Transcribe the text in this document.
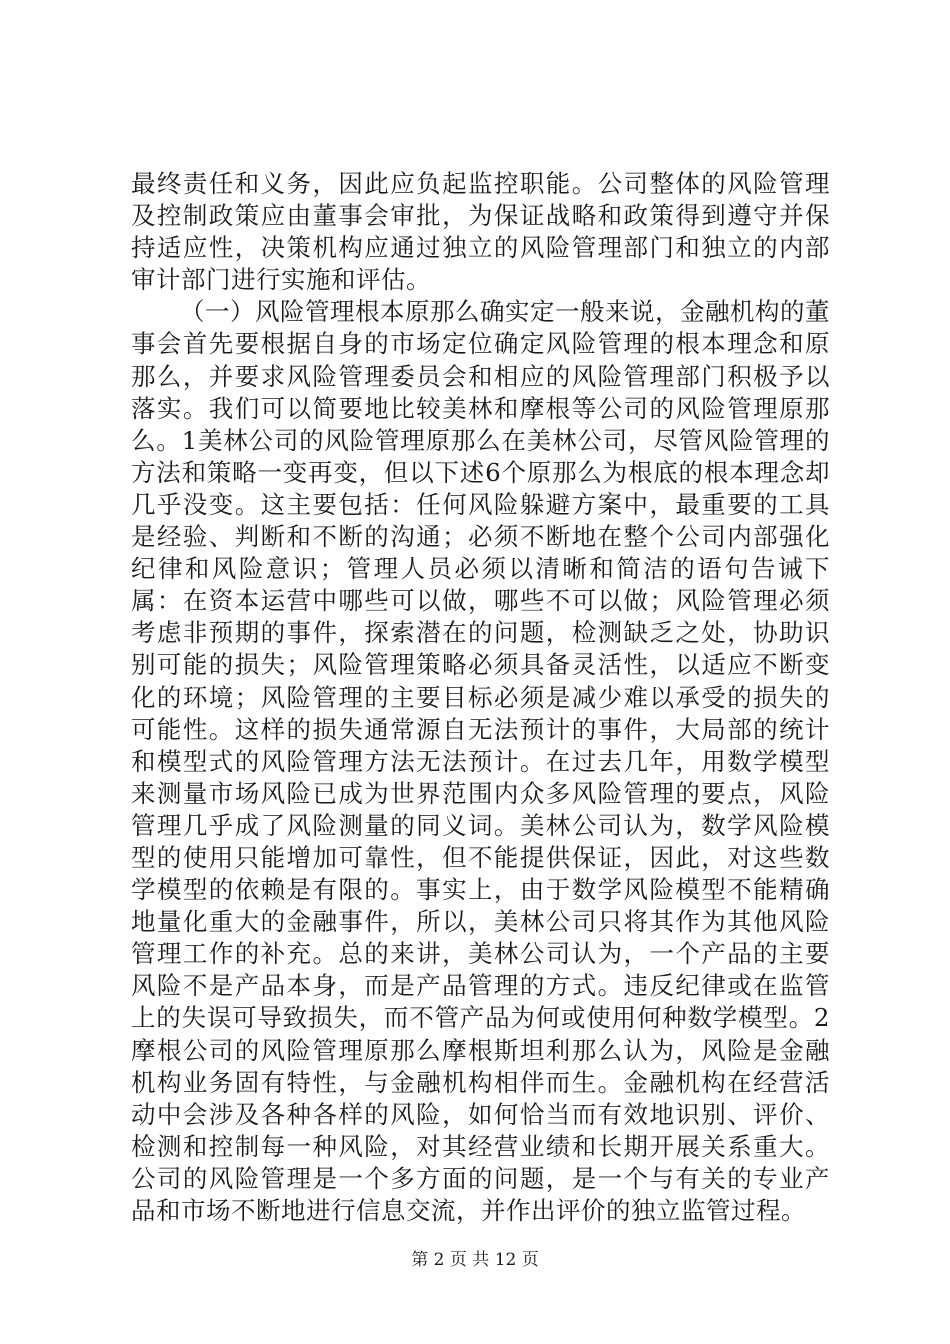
最终责任和义务，因此应负起监控职能。公司整体的风险管理及控制政策应由董事会审批，为保证战略和政策得到遵守并保持适应性，决策机构应通过独立的风险管理部门和独立的内部审计部门进行实施和评估。

（一）风险管理根本原那么确实定一般来说，金融机构的董事会首先要根据自身的市场定位确定风险管理的根本理念和原那么，并要求风险管理委员会和相应的风险管理部门积极予以落实。我们可以简要地比较美林和摩根等公司的风险管理原那么。1美林公司的风险管理原那么在美林公司，尽管风险管理的方法和策略一变再变，但以下述6个原那么为根底的根本理念却几乎没变。这主要包括：任何风险躲避方案中，最重要的工具是经验、判断和不断的沟通；必须不断地在整个公司内部强化纪律和风险意识；管理人员必须以清晰和简洁的语句告诫下属：在资本运营中哪些可以做，哪些不可以做；风险管理必须考虑非预期的事件，探索潜在的问题，检测缺乏之处，协助识别可能的损失；风险管理策略必须具备灵活性，以适应不断变化的环境；风险管理的主要目标必须是减少难以承受的损失的可能性。这样的损失通常源自无法预计的事件，大局部的统计和模型式的风险管理方法无法预计。在过去几年，用数学模型来测量市场风险已成为世界范围内众多风险管理的要点，风险管理几乎成了风险测量的同义词。美林公司认为，数学风险模型的使用只能增加可靠性，但不能提供保证，因此，对这些数学模型的依赖是有限的。事实上，由于数学风险模型不能精确地量化重大的金融事件，所以，美林公司只将其作为其他风险管理工作的补充。总的来讲，美林公司认为，一个产品的主要风险不是产品本身，而是产品管理的方式。违反纪律或在监管上的失误可导致损失，而不管产品为何或使用何种数学模型。2摩根公司的风险管理原那么摩根斯坦利那么认为，风险是金融机构业务固有特性，与金融机构相伴而生。金融机构在经营活动中会涉及各种各样的风险，如何恰当而有效地识别、评价、检测和控制每一种风险，对其经营业绩和长期开展关系重大。公司的风险管理是一个多方面的问题，是一个与有关的专业产品和市场不断地进行信息交流，并作出评价的独立监管过程。

第 2 页 共 12 页
